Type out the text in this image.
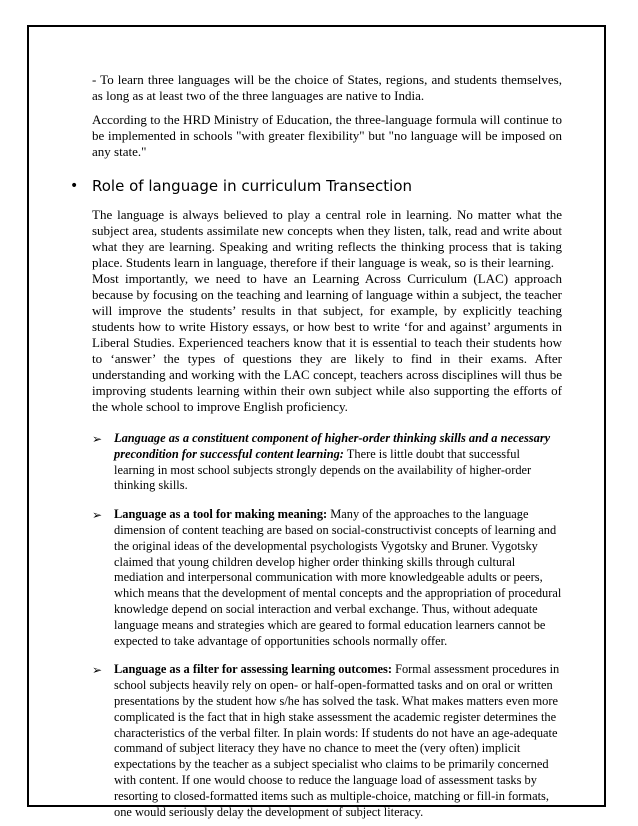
- To learn three languages will be the choice of States, regions, and students themselves, as long as at least two of the three languages are native to India.

According to the HRD Ministry of Education, the three-language formula will continue to be implemented in schools "with greater flexibility" but "no language will be imposed on any state."

• Role of language in curriculum Transection

The language is always believed to play a central role in learning. No matter what the subject area, students assimilate new concepts when they listen, talk, read and write about what they are learning. Speaking and writing reflects the thinking process that is taking place. Students learn in language, therefore if their language is weak, so is their learning.

Most importantly, we need to have an Learning Across Curriculum (LAC) approach because by focusing on the teaching and learning of language within a subject, the teacher will improve the students’ results in that subject, for example, by explicitly teaching students how to write History essays, or how best to write ‘for and against’ arguments in Liberal Studies. Experienced teachers know that it is essential to teach their students how to ‘answer’ the types of questions they are likely to find in their exams. After understanding and working with the LAC concept, teachers across disciplines will thus be improving students learning within their own subject while also supporting the efforts of the whole school to improve English proficiency.

➢ Language as a constituent component of higher-order thinking skills and a necessary precondition for successful content learning: There is little doubt that successful learning in most school subjects strongly depends on the availability of higher-order thinking skills.

➢ Language as a tool for making meaning: Many of the approaches to the language dimension of content teaching are based on social-constructivist concepts of learning and the original ideas of the developmental psychologists Vygotsky and Bruner. Vygotsky claimed that young children develop higher order thinking skills through cultural mediation and interpersonal communication with more knowledgeable adults or peers, which means that the development of mental concepts and the appropriation of procedural knowledge depend on social interaction and verbal exchange. Thus, without adequate language means and strategies which are geared to formal education learners cannot be expected to take advantage of opportunities schools normally offer.

➢ Language as a filter for assessing learning outcomes: Formal assessment procedures in school subjects heavily rely on open- or half-open-formatted tasks and on oral or written presentations by the student how s/he has solved the task. What makes matters even more complicated is the fact that in high stake assessment the academic register determines the characteristics of the verbal filter. In plain words: If students do not have an age-adequate command of subject literacy they have no chance to meet the (very often) implicit expectations by the teacher as a subject specialist who claims to be primarily concerned with content. If one would choose to reduce the language load of assessment tasks by resorting to closed-formatted items such as multiple-choice, matching or fill-in formats, one would seriously delay the development of subject literacy.
